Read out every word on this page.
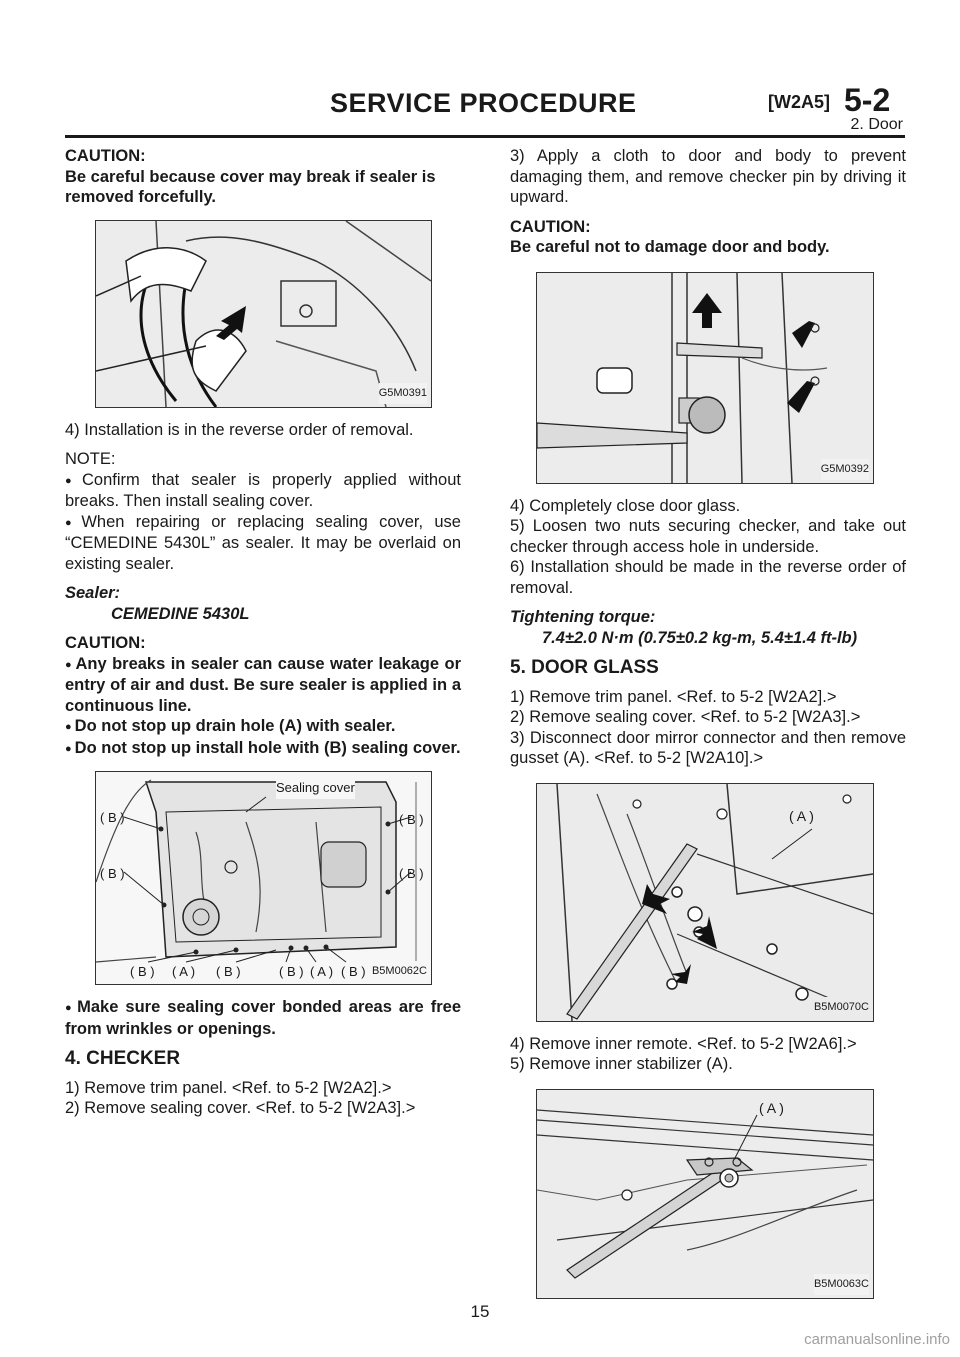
SERVICE PROCEDURE	[W2A5] 5-2
2. Door

CAUTION:

Be careful because cover may break if sealer is removed forcefully.

G5M0391

4) Installation is in the reverse order of removal.

NOTE:

● Confirm that sealer is properly applied without breaks. Then install sealing cover.

● When repairing or replacing sealing cover, use “CEMEDINE 5430L” as sealer. It may be overlaid on existing sealer.

Sealer:

CEMEDINE 5430L

CAUTION:

● Any breaks in sealer can cause water leakage or entry of air and dust. Be sure sealer is applied in a continuous line.

● Do not stop up drain hole (A) with sealer.

● Do not stop up install hole with (B) sealing cover.

Sealing cover
( B )
( B )
( B )
( B )
( B ) ( A ) ( B )	( B ) ( A ) ( B ) B5M0062C

● Make sure sealing cover bonded areas are free from wrinkles or openings.

4. CHECKER

1) Remove trim panel. <Ref. to 5-2 [W2A2].>

2) Remove sealing cover. <Ref. to 5-2 [W2A3].>

3) Apply a cloth to door and body to prevent damaging them, and remove checker pin by driving it upward.

CAUTION:

Be careful not to damage door and body.

G5M0392

4) Completely close door glass.

5) Loosen two nuts securing checker, and take out checker through access hole in underside.

6) Installation should be made in the reverse order of removal.

Tightening torque:

7.4±2.0 N·m (0.75±0.2 kg-m, 5.4±1.4 ft-lb)

5. DOOR GLASS

1) Remove trim panel. <Ref. to 5-2 [W2A2].>

2) Remove sealing cover. <Ref. to 5-2 [W2A3].>

3) Disconnect door mirror connector and then remove gusset (A). <Ref. to 5-2 [W2A10].>

( A )
B5M0070C

4) Remove inner remote. <Ref. to 5-2 [W2A6].>

5) Remove inner stabilizer (A).

( A )
B5M0063C
15
carmanualsonline.info
